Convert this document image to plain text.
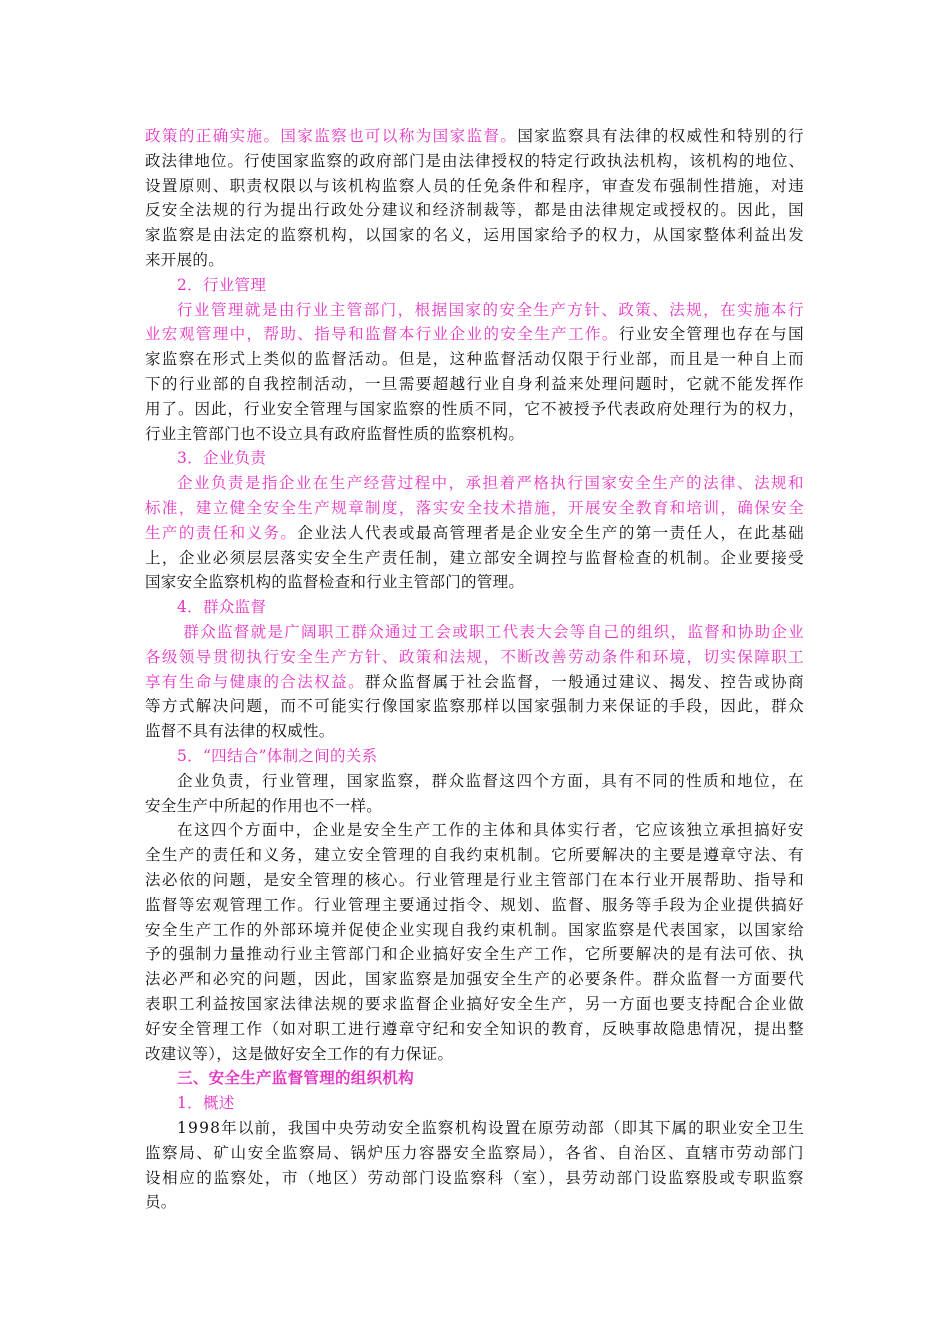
政策的正确实施。国家监察也可以称为国家监督。国家监察具有法律的权威性和特别的行
政法律地位。行使国家监察的政府部门是由法律授权的特定行政执法机构，该机构的地位、
设置原则、职责权限以与该机构监察人员的任免条件和程序，审查发布强制性措施，对违
反安全法规的行为提出行政处分建议和经济制裁等，都是由法律规定或授权的。因此，国
家监察是由法定的监察机构，以国家的名义，运用国家给予的权力，从国家整体利益出发
来开展的。
2．行业管理
行业管理就是由行业主管部门，根据国家的安全生产方针、政策、法规，在实施本行
业宏观管理中，帮助、指导和监督本行业企业的安全生产工作。行业安全管理也存在与国
家监察在形式上类似的监督活动。但是，这种监督活动仅限于行业部，而且是一种自上而
下的行业部的自我控制活动，一旦需要超越行业自身利益来处理问题时，它就不能发挥作
用了。因此，行业安全管理与国家监察的性质不同，它不被授予代表政府处理行为的权力，
行业主管部门也不设立具有政府监督性质的监察机构。
3．企业负责
企业负责是指企业在生产经营过程中，承担着严格执行国家安全生产的法律、法规和
标准，建立健全安全生产规章制度，落实安全技术措施，开展安全教育和培训，确保安全
生产的责任和义务。企业法人代表或最高管理者是企业安全生产的第一责任人，在此基础
上，企业必须层层落实安全生产责任制，建立部安全调控与监督检查的机制。企业要接受
国家安全监察机构的监督检查和行业主管部门的管理。
4．群众监督
群众监督就是广阔职工群众通过工会或职工代表大会等自己的组织，监督和协助企业
各级领导贯彻执行安全生产方针、政策和法规，不断改善劳动条件和环境，切实保障职工
享有生命与健康的合法权益。群众监督属于社会监督，一般通过建议、揭发、控告或协商
等方式解决问题，而不可能实行像国家监察那样以国家强制力来保证的手段，因此，群众
监督不具有法律的权威性。
5．“四结合”体制之间的关系
企业负责，行业管理，国家监察，群众监督这四个方面，具有不同的性质和地位，在
安全生产中所起的作用也不一样。
在这四个方面中，企业是安全生产工作的主体和具体实行者，它应该独立承担搞好安
全生产的责任和义务，建立安全管理的自我约束机制。它所要解决的主要是遵章守法、有
法必依的问题，是安全管理的核心。行业管理是行业主管部门在本行业开展帮助、指导和
监督等宏观管理工作。行业管理主要通过指令、规划、监督、服务等手段为企业提供搞好
安全生产工作的外部环境并促使企业实现自我约束机制。国家监察是代表国家，以国家给
予的强制力量推动行业主管部门和企业搞好安全生产工作，它所要解决的是有法可依、执
法必严和必究的问题，因此，国家监察是加强安全生产的必要条件。群众监督一方面要代
表职工利益按国家法律法规的要求监督企业搞好安全生产，另一方面也要支持配合企业做
好安全管理工作（如对职工进行遵章守纪和安全知识的教育，反映事故隐患情况，提出整
改建议等），这是做好安全工作的有力保证。
三、安全生产监督管理的组织机构
1．概述
1998年以前，我国中央劳动安全监察机构设置在原劳动部（即其下属的职业安全卫生
监察局、矿山安全监察局、锅炉压力容器安全监察局），各省、自治区、直辖市劳动部门
设相应的监察处，市（地区）劳动部门设监察科（室），县劳动部门设监察股或专职监察
员。
